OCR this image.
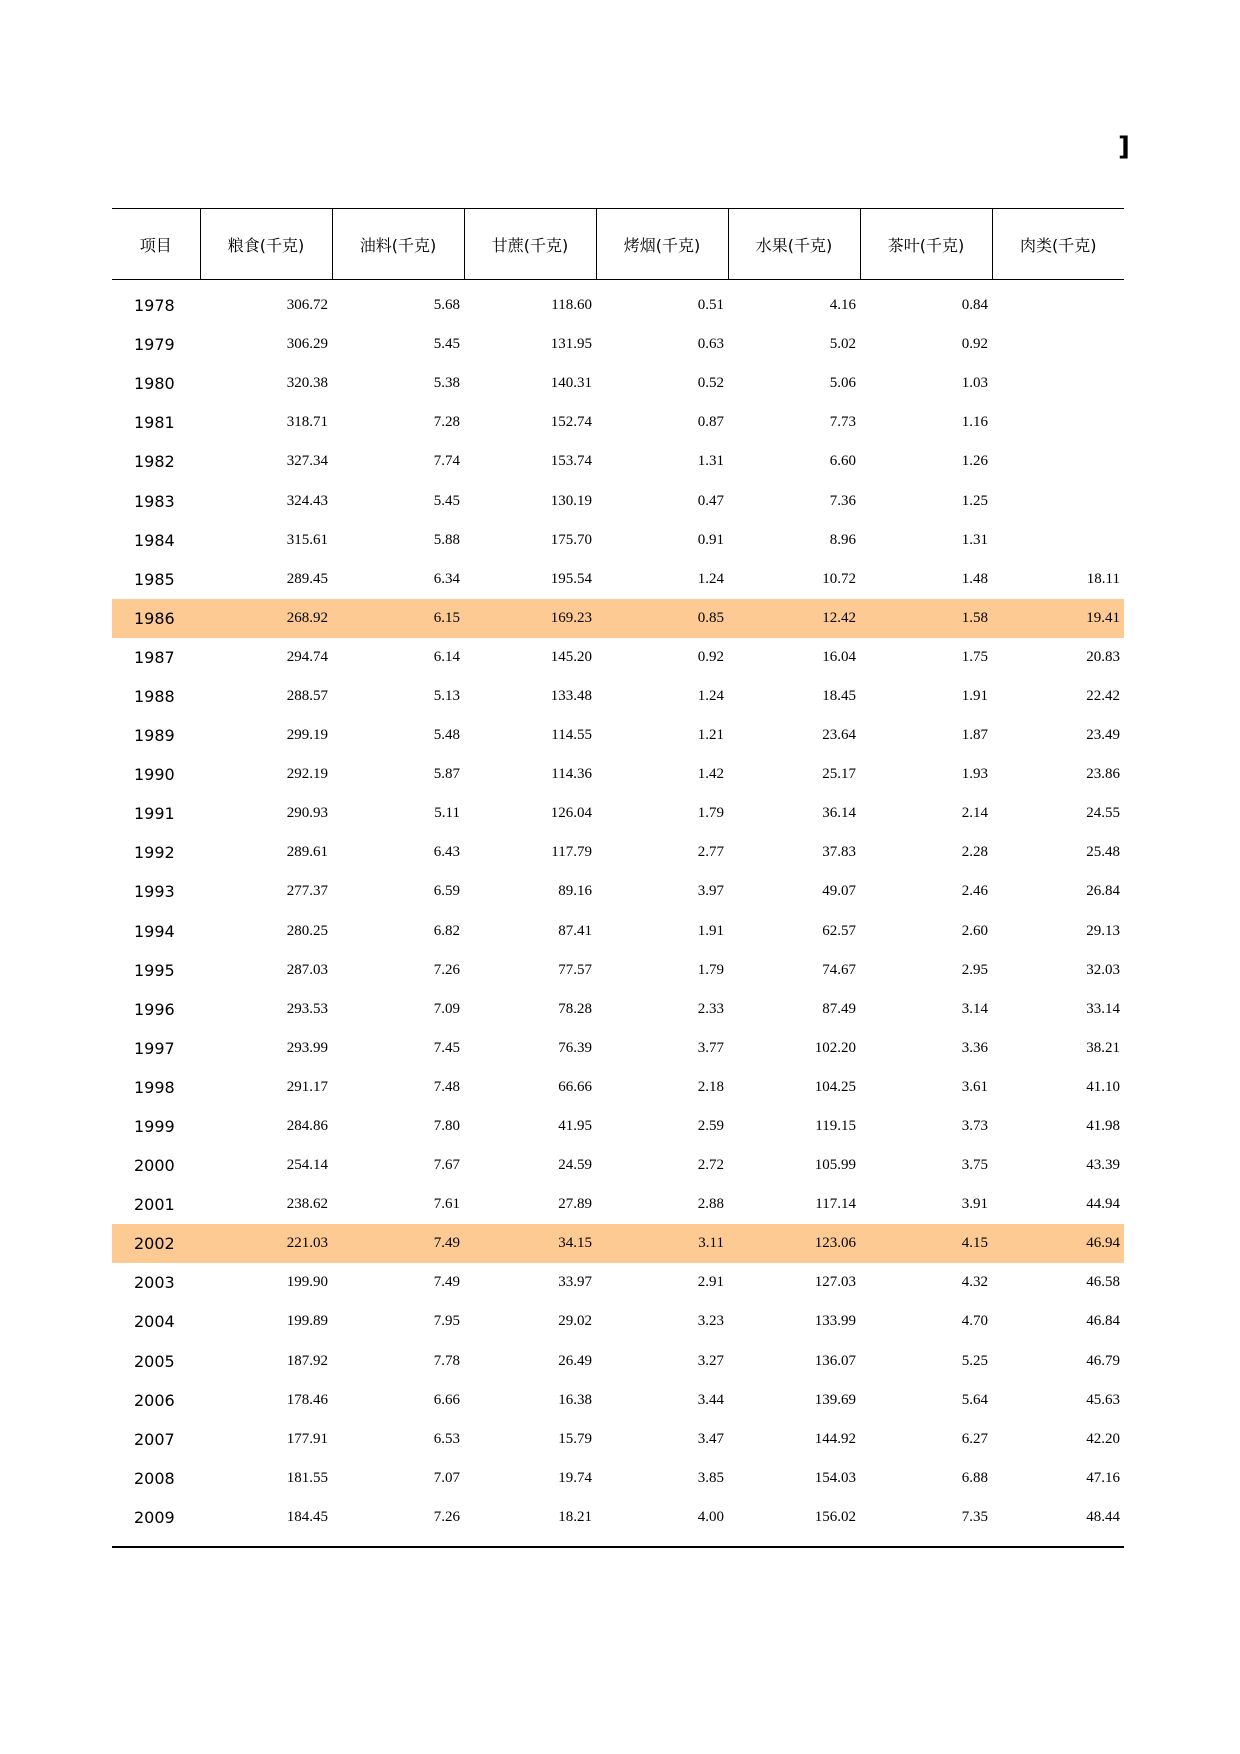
]
项目	粮食(千克)	油料(千克)	甘蔗(千克)	烤烟(千克)	水果(千克)	茶叶(千克)	肉类(千克)
1978	306.72	5.68	118.60	0.51	4.16	0.84	
1979	306.29	5.45	131.95	0.63	5.02	0.92	
1980	320.38	5.38	140.31	0.52	5.06	1.03	
1981	318.71	7.28	152.74	0.87	7.73	1.16	
1982	327.34	7.74	153.74	1.31	6.60	1.26	
1983	324.43	5.45	130.19	0.47	7.36	1.25	
1984	315.61	5.88	175.70	0.91	8.96	1.31	
1985	289.45	6.34	195.54	1.24	10.72	1.48	18.11
1986	268.92	6.15	169.23	0.85	12.42	1.58	19.41
1987	294.74	6.14	145.20	0.92	16.04	1.75	20.83
1988	288.57	5.13	133.48	1.24	18.45	1.91	22.42
1989	299.19	5.48	114.55	1.21	23.64	1.87	23.49
1990	292.19	5.87	114.36	1.42	25.17	1.93	23.86
1991	290.93	5.11	126.04	1.79	36.14	2.14	24.55
1992	289.61	6.43	117.79	2.77	37.83	2.28	25.48
1993	277.37	6.59	89.16	3.97	49.07	2.46	26.84
1994	280.25	6.82	87.41	1.91	62.57	2.60	29.13
1995	287.03	7.26	77.57	1.79	74.67	2.95	32.03
1996	293.53	7.09	78.28	2.33	87.49	3.14	33.14
1997	293.99	7.45	76.39	3.77	102.20	3.36	38.21
1998	291.17	7.48	66.66	2.18	104.25	3.61	41.10
1999	284.86	7.80	41.95	2.59	119.15	3.73	41.98
2000	254.14	7.67	24.59	2.72	105.99	3.75	43.39
2001	238.62	7.61	27.89	2.88	117.14	3.91	44.94
2002	221.03	7.49	34.15	3.11	123.06	4.15	46.94
2003	199.90	7.49	33.97	2.91	127.03	4.32	46.58
2004	199.89	7.95	29.02	3.23	133.99	4.70	46.84
2005	187.92	7.78	26.49	3.27	136.07	5.25	46.79
2006	178.46	6.66	16.38	3.44	139.69	5.64	45.63
2007	177.91	6.53	15.79	3.47	144.92	6.27	42.20
2008	181.55	7.07	19.74	3.85	154.03	6.88	47.16
2009	184.45	7.26	18.21	4.00	156.02	7.35	48.44
